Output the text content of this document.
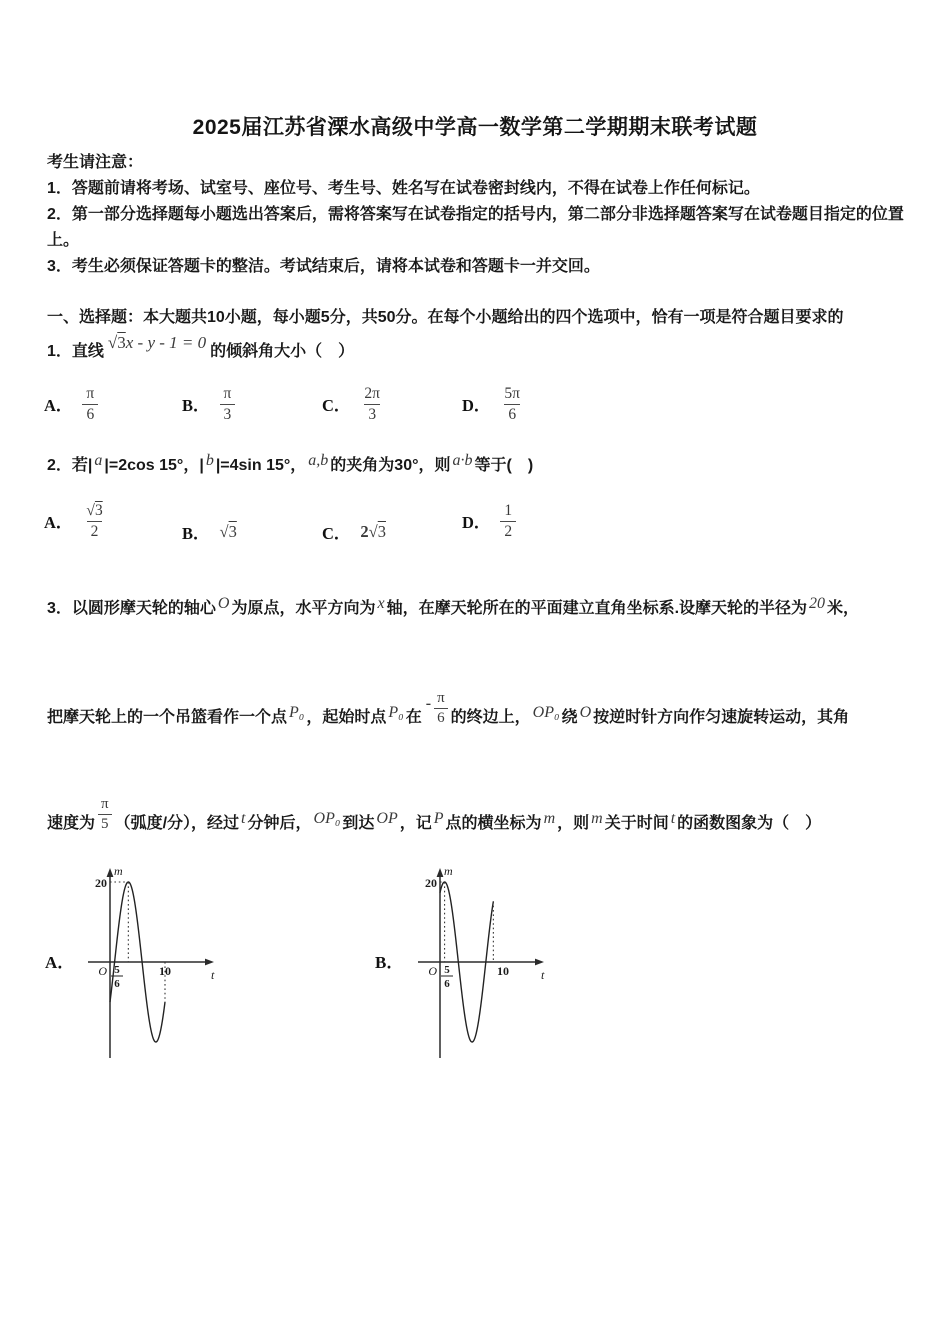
2025届江苏省溧水高级中学高一数学第二学期期末联考试题
考生请注意：
1．答题前请将考场、试室号、座位号、考生号、姓名写在试卷密封线内，不得在试卷上作任何标记。
2．第一部分选择题每小题选出答案后，需将答案写在试卷指定的括号内，第二部分非选择题答案写在试卷题目指定的位置上。
3．考生必须保证答题卡的整洁。考试结束后，请将本试卷和答题卡一并交回。
一、选择题：本大题共10小题，每小题5分，共50分。在每个小题给出的四个选项中，恰有一项是符合题目要求的
1．直线 √3x - y - 1 = 0 的倾斜角大小（　）
A． $\frac{\pi}{6}$	B． $\frac{\pi}{3}$	C． $\frac{2\pi}{3}$	D． $\frac{5\pi}{6}$
2．若| a |=2cos 15°，| b |=4sin 15°， a,b 的夹角为30°，则 a·b 等于(　)
A． $\frac{√3}{2}$	B． √3	C． 2√3	D． $\frac{1}{2}$
3．以圆形摩天轮的轴心 O 为原点，水平方向为 x 轴，在摩天轮所在的平面建立直角坐标系.设摩天轮的半径为 20 米，
把摩天轮上的一个吊篮看作一个点 P₀ ，起始时点 P₀ 在- $\frac{\pi}{6}$ 的终边上， OP₀ 绕 O 按逆时针方向作匀速旋转运动，其角
速度为 $\frac{\pi}{5}$ （弧度/分），经过 t 分钟后， OP₀ 到达 OP ，记 P 点的横坐标为 m ，则 m 关于时间 t 的函数图象为（　）
A．
m
20
O	10	t
5
6
B．
m
20
O	10	t
5
6
